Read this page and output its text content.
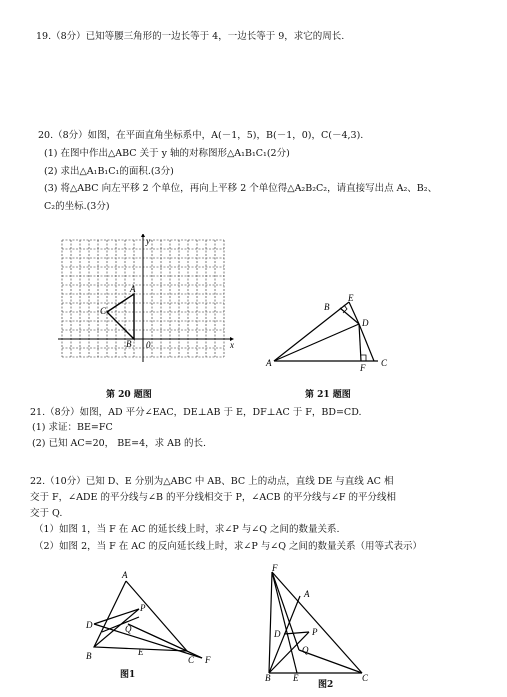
19.（8分）已知等腰三角形的一边长等于 4，一边长等于 9，求它的周长.
20.（8分）如图，在平面直角坐标系中，A(－1，5)，B(－1，0)，C(－4,3).
(1) 在图中作出△ABC 关于 y 轴的对称图形△A₁B₁C₁(2分)
(2) 求出△A₁B₁C₁的面积.(3分)
(3) 将△ABC 向左平移 2 个单位，再向上平移 2 个单位得△A₂B₂C₂，请直接写出点 A₂、B₂、
C₂的坐标.(3分)
A
B
C
y
x
0
第 20 题图
A
B
C
D
E
F
第 21 题图
21.（8分）如图，AD 平分∠EAC，DE⊥AB 于 E，DF⊥AC 于 F，BD=CD.
(1) 求证：BE=FC
(2) 已知 AC=20， BE=4，求 AB 的长.
22.（10分）已知 D、E 分别为△ABC 中 AB、BC 上的动点，直线 DE 与直线 AC 相
交于 F，∠ADE 的平分线与∠B 的平分线相交于 P，∠ACB 的平分线与∠F 的平分线相
交于 Q.
（1）如图 1，当 F 在 AC 的延长线上时，求∠P 与∠Q 之间的数量关系.
（2）如图 2，当 F 在 AC 的反向延长线上时，求∠P 与∠Q 之间的数量关系（用等式表示）
A
B	C
D
E
F
P
Q
图1
F
A
B	C
D
E
P
Q
图2
